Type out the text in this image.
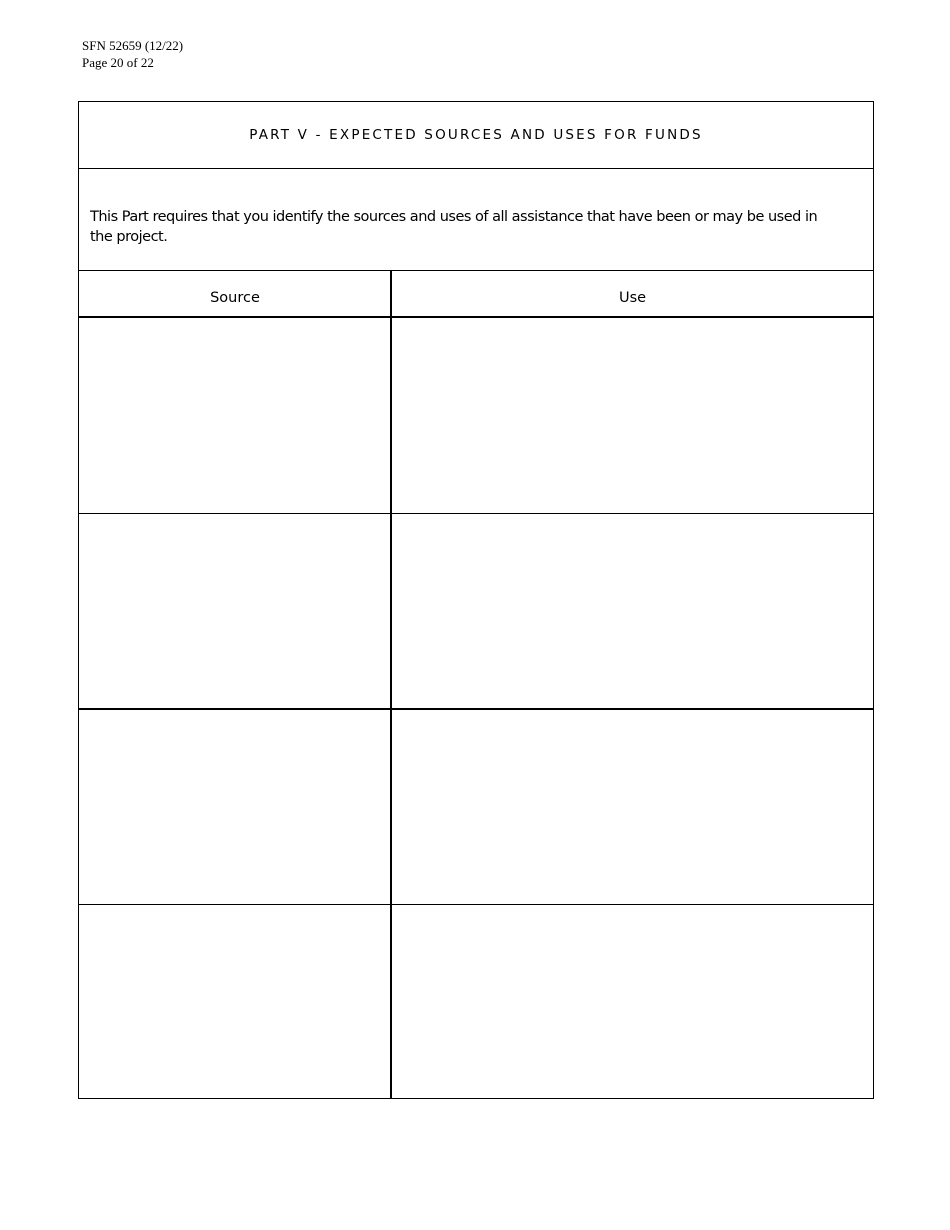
SFN 52659 (12/22)
Page 20 of 22
PART V - EXPECTED SOURCES AND USES FOR FUNDS
This Part requires that you identify the sources and uses of all assistance that have been or may be used in the project.
Source	Use
